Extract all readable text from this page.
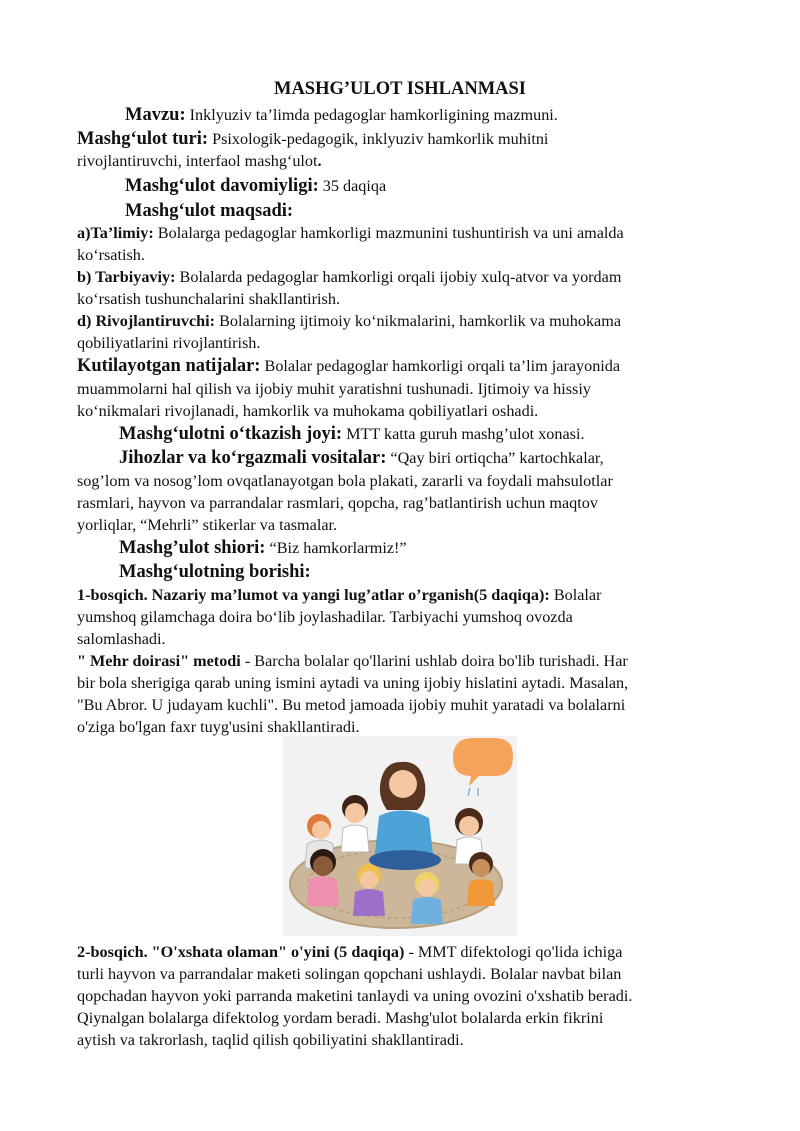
MASHG’ULOT ISHLANMASI
Mavzu: Inklyuziv ta’limda pedagoglar hamkorligining mazmuni.
Mashg‘ulot turi: Psixologik-pedagogik, inklyuziv hamkorlik muhitni
rivojlantiruvchi, interfaol mashg‘ulot.
Mashg‘ulot davomiyligi: 35 daqiqa
Mashg‘ulot maqsadi:
a)Ta’limiy: Bolalarga pedagoglar hamkorligi mazmunini tushuntirish va uni amalda
ko‘rsatish.
b) Tarbiyaviy: Bolalarda pedagoglar hamkorligi orqali ijobiy xulq-atvor va yordam
ko‘rsatish tushunchalarini shakllantirish.
d) Rivojlantiruvchi: Bolalarning ijtimoiy ko‘nikmalarini, hamkorlik va muhokama
qobiliyatlarini rivojlantirish.
Kutilayotgan natijalar: Bolalar pedagoglar hamkorligi orqali ta’lim jarayonida
muammolarni hal qilish va ijobiy muhit yaratishni tushunadi. Ijtimoiy va hissiy
ko‘nikmalari rivojlanadi, hamkorlik va muhokama qobiliyatlari oshadi.
Mashg‘ulotni o‘tkazish joyi: MTT katta guruh mashg’ulot xonasi.
Jihozlar va ko‘rgazmali vositalar: “Qay biri ortiqcha” kartochkalar,
sog’lom va nosog’lom ovqatlanayotgan bola plakati, zararli va foydali mahsulotlar
rasmlari, hayvon va parrandalar rasmlari, qopcha, rag’batlantirish uchun maqtov
yorliqlar, “Mehrli” stikerlar va tasmalar.
Mashg’ulot shiori: “Biz hamkorlarmiz!”
Mashg‘ulotning borishi:
1-bosqich. Nazariy ma’lumot va yangi lug’atlar o’rganish(5 daqiqa): Bolalar
yumshoq gilamchaga doira bo‘lib joylashadilar. Tarbiyachi yumshoq ovozda
salomlashadi.
" Mehr doirasi" metodi - Barcha bolalar qo'llarini ushlab doira bo'lib turishadi. Har
bir bola sherigiga qarab uning ismini aytadi va uning ijobiy hislatini aytadi. Masalan,
"Bu Abror. U judayam kuchli". Bu metod jamoada ijobiy muhit yaratadi va bolalarni
o'ziga bo'lgan faxr tuyg'usini shakllantiradi.
2-bosqich. "O'xshata olaman" o'yini (5 daqiqa) - MMT difektologi qo'lida ichiga
turli hayvon va parrandalar maketi solingan qopchani ushlaydi. Bolalar navbat bilan
qopchadan hayvon yoki parranda maketini tanlaydi va uning ovozini o'xshatib beradi.
Qiynalgan bolalarga difektolog yordam beradi. Mashg'ulot bolalarda erkin fikrini
aytish va takrorlash, taqlid qilish qobiliyatini shakllantiradi.
